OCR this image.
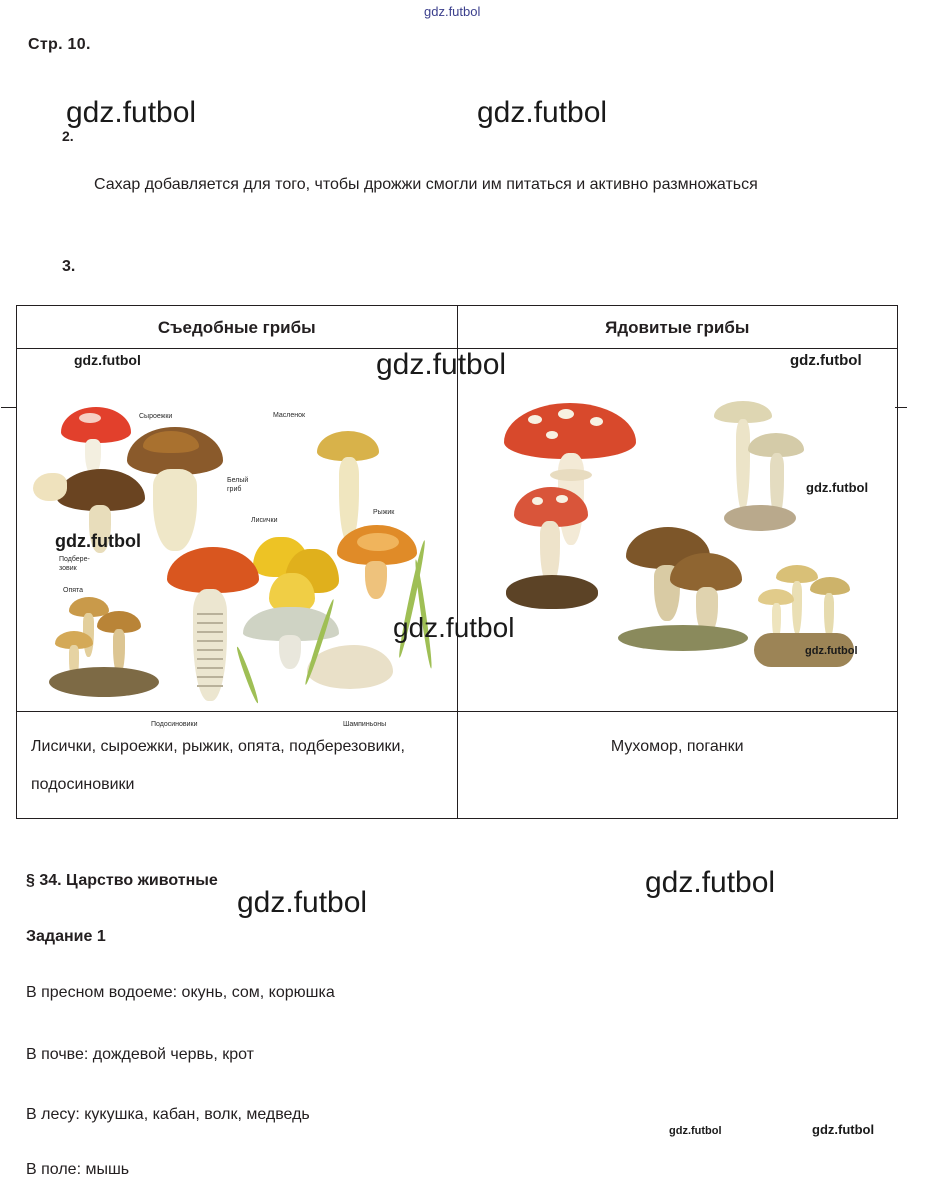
gdz.futbol
Стр. 10.
gdz.futbol	gdz.futbol
2.
Сахар добавляется для того, чтобы дрожжи смогли им питаться и активно размножаться
3.
Съедобные грибы	Ядовитые грибы
Сыроежки
Белый
гриб
Масленок
Подбере-
зовик
Рыжик
Лисички
Подосиновики	Шампиньоны
Опята
Лисички, сыроежки, рыжик, опята, подберезовики, подосиновики
Мухомор, поганки
gdz.futbol	gdz.futbol	gdz.futbol
gdz.futbol
gdz.futbol
gdz.futbol
gdz.futbol
§ 34. Царство животные
gdz.futbol
gdz.futbol
Задание 1
В пресном водоеме: окунь, сом, корюшка
В почве: дождевой червь, крот
В лесу: кукушка, кабан, волк, медведь
В поле: мышь
gdz.futbol	gdz.futbol
